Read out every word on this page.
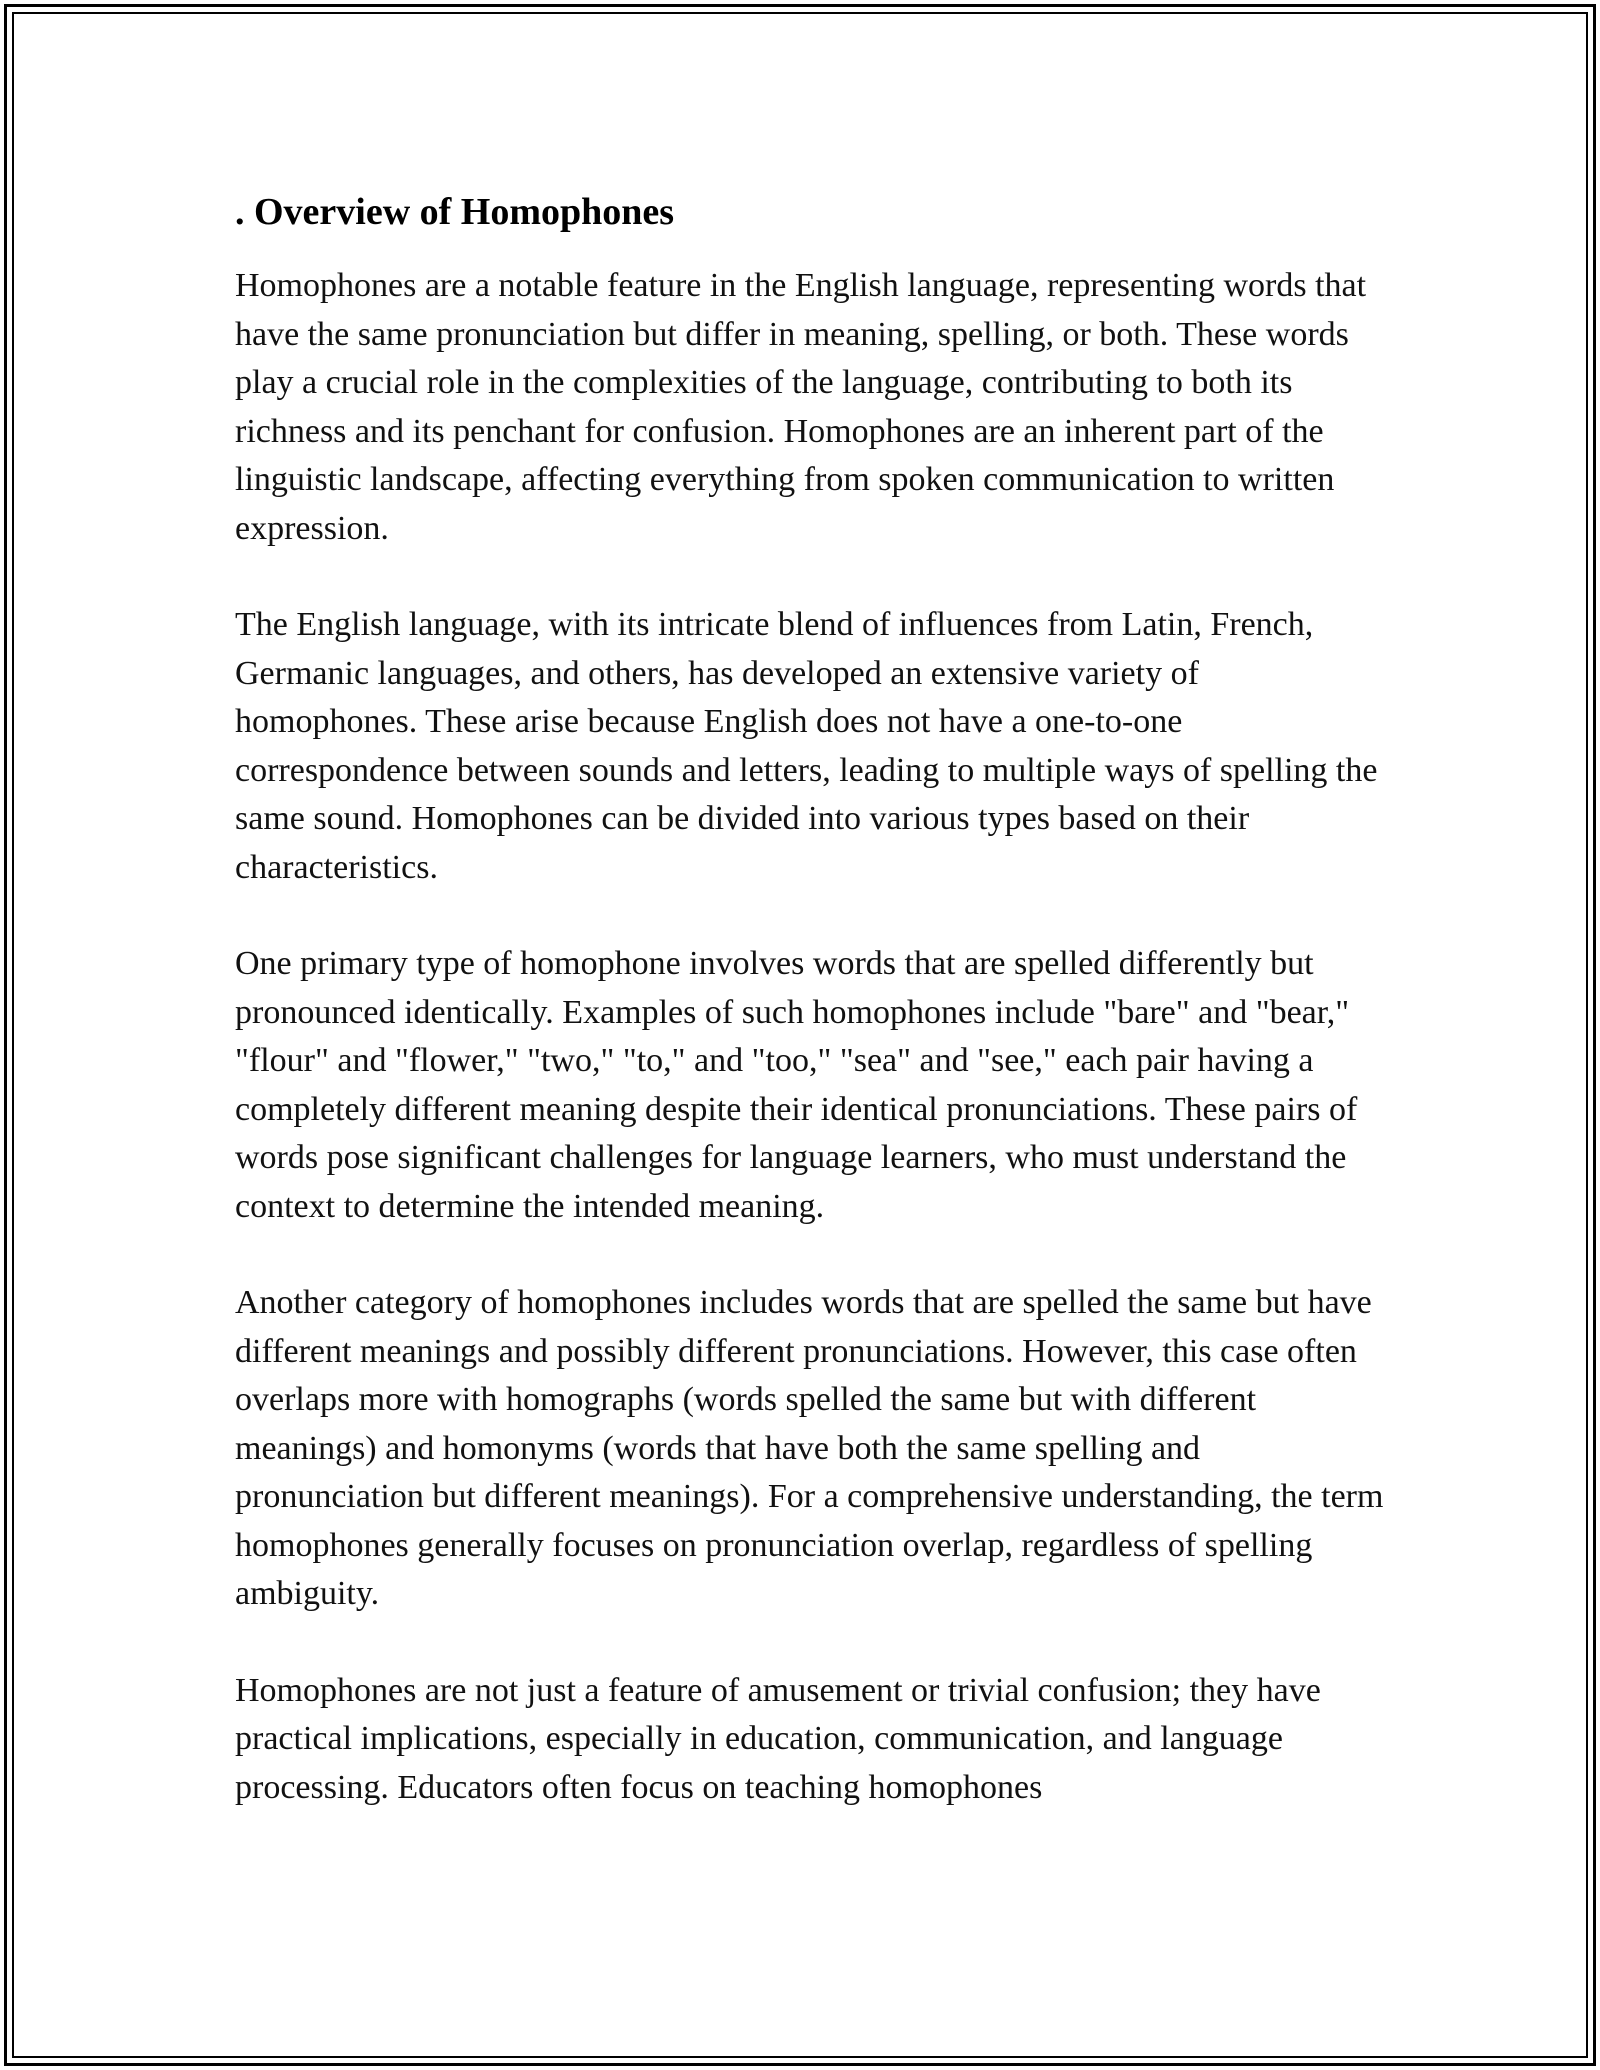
. Overview of Homophones

Homophones are a notable feature in the English language, representing words that have the same pronunciation but differ in meaning, spelling, or both. These words play a crucial role in the complexities of the language, contributing to both its richness and its penchant for confusion. Homophones are an inherent part of the linguistic landscape, affecting everything from spoken communication to written expression.

The English language, with its intricate blend of influences from Latin, French, Germanic languages, and others, has developed an extensive variety of homophones. These arise because English does not have a one-to-one correspondence between sounds and letters, leading to multiple ways of spelling the same sound. Homophones can be divided into various types based on their characteristics.

One primary type of homophone involves words that are spelled differently but pronounced identically. Examples of such homophones include "bare" and "bear," "flour" and "flower," "two," "to," and "too," "sea" and "see," each pair having a completely different meaning despite their identical pronunciations. These pairs of words pose significant challenges for language learners, who must understand the context to determine the intended meaning.

Another category of homophones includes words that are spelled the same but have different meanings and possibly different pronunciations. However, this case often overlaps more with homographs (words spelled the same but with different meanings) and homonyms (words that have both the same spelling and pronunciation but different meanings). For a comprehensive understanding, the term homophones generally focuses on pronunciation overlap, regardless of spelling ambiguity.

Homophones are not just a feature of amusement or trivial confusion; they have practical implications, especially in education, communication, and language processing. Educators often focus on teaching homophones
